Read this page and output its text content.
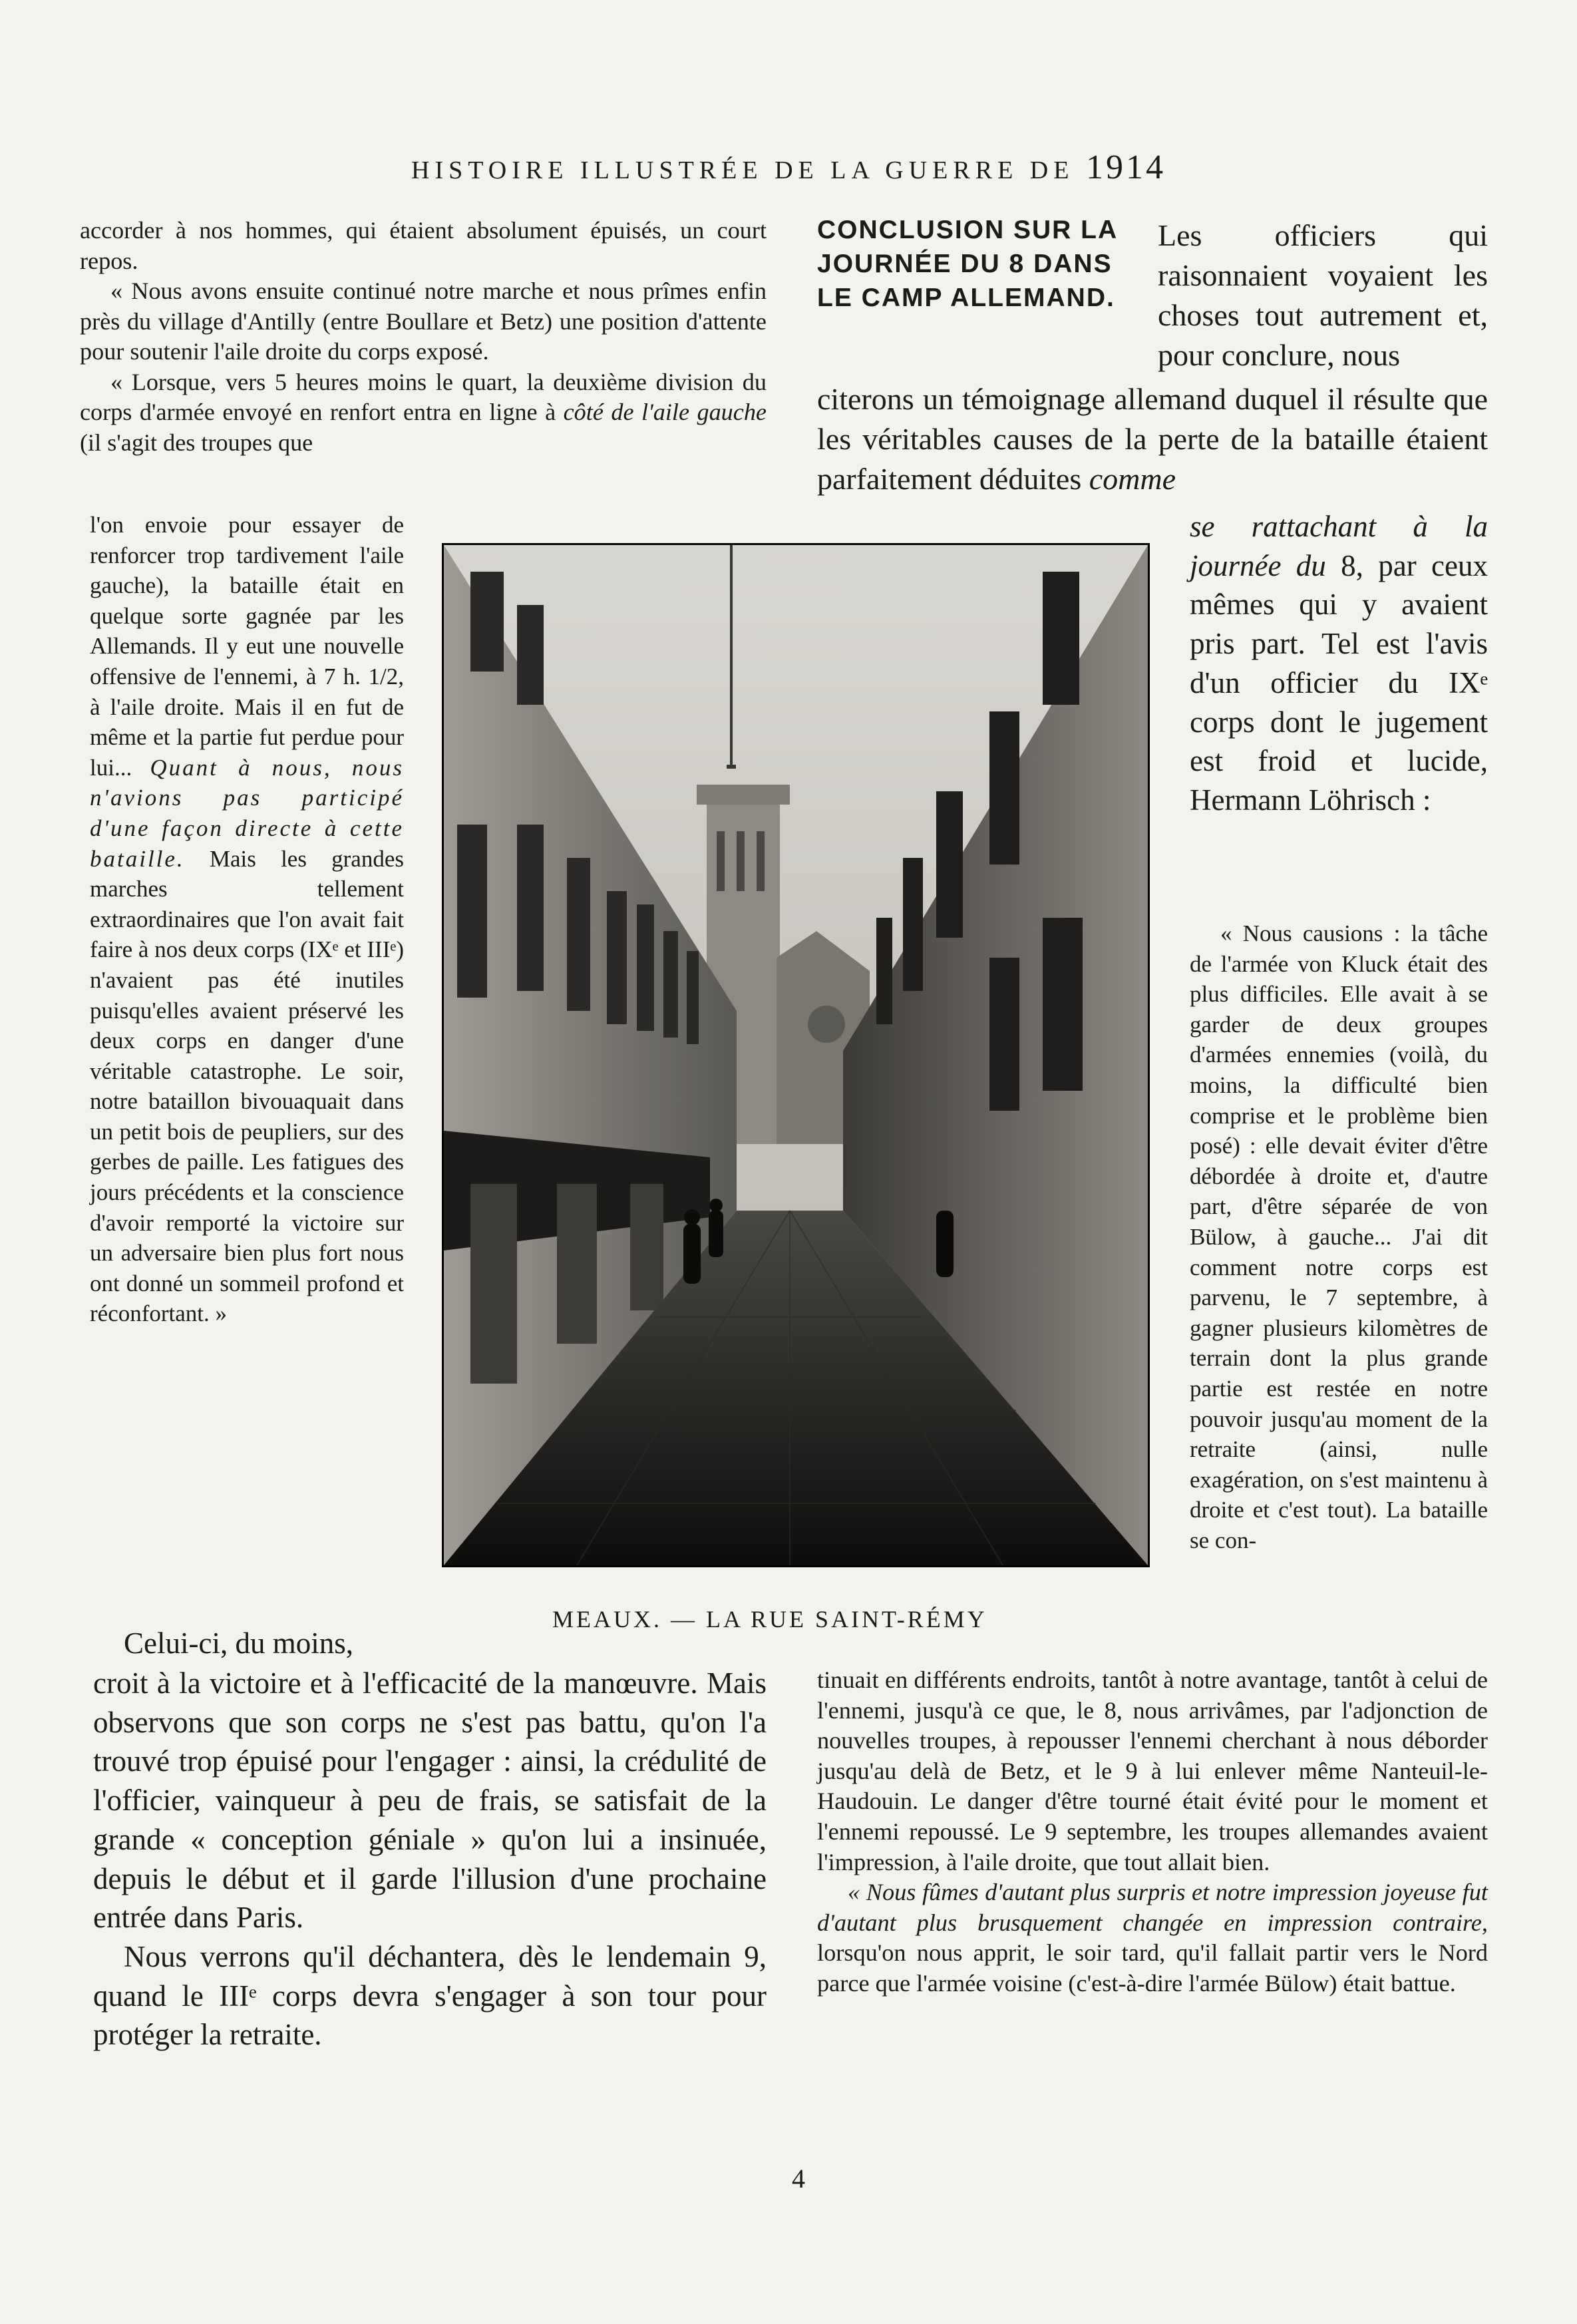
HISTOIRE ILLUSTRÉE DE LA GUERRE DE 1914

accorder à nos hommes, qui étaient absolument épuisés, un court repos.

« Nous avons ensuite continué notre marche et nous prîmes enfin près du village d'Antilly (entre Boullare et Betz) une position d'attente pour soutenir l'aile droite du corps exposé.

« Lorsque, vers 5 heures moins le quart, la deuxième division du corps d'armée envoyé en renfort entra en ligne à côté de l'aile gauche (il s'agit des troupes que

l'on envoie pour essayer de renforcer trop tardivement l'aile gauche), la bataille était en quelque sorte gagnée par les Allemands. Il y eut une nouvelle offensive de l'ennemi, à 7 h. 1/2, à l'aile droite. Mais il en fut de même et la partie fut perdue pour lui... Quant à nous, nous n'avions pas participé d'une façon directe à cette bataille. Mais les grandes marches tellement extraordinaires que l'on avait fait faire à nos deux corps (IXᵉ et IIIᵉ) n'avaient pas été inutiles puisqu'elles avaient préservé les deux corps en danger d'une véritable catastrophe. Le soir, notre bataillon bivouaquait dans un petit bois de peupliers, sur des gerbes de paille. Les fatigues des jours précédents et la conscience d'avoir remporté la victoire sur un adversaire bien plus fort nous ont donné un sommeil profond et réconfortant. »

CONCLUSION SUR LA JOURNÉE DU 8 DANS LE CAMP ALLEMAND.
Les officiers qui raisonnaient voyaient les choses tout autrement et, pour conclure, nous
citerons un témoignage allemand duquel il résulte que les véritables causes de la perte de la bataille étaient parfaitement déduites comme
se rattachant à la journée du 8, par ceux mêmes qui y avaient pris part. Tel est l'avis d'un officier du IXᵉ corps dont le jugement est froid et lucide, Hermann Löhrisch :

« Nous causions : la tâche de l'armée von Kluck était des plus difficiles. Elle avait à se garder de deux groupes d'armées ennemies (voilà, du moins, la difficulté bien comprise et le problème bien posé) : elle devait éviter d'être débordée à droite et, d'autre part, d'être séparée de von Bülow, à gauche... J'ai dit comment notre corps est parvenu, le 7 septembre, à gagner plusieurs kilomètres de terrain dont la plus grande partie est restée en notre pouvoir jusqu'au moment de la retraite (ainsi, nulle exagération, on s'est maintenu à droite et c'est tout). La bataille se con-

MEAUX. — LA RUE SAINT-RÉMY

tinuait en différents endroits, tantôt à notre avantage, tantôt à celui de l'ennemi, jusqu'à ce que, le 8, nous arrivâmes, par l'adjonction de nouvelles troupes, à repousser l'ennemi cherchant à nous déborder jusqu'au delà de Betz, et le 9 à lui enlever même Nanteuil-le-Haudouin. Le danger d'être tourné était évité pour le moment et l'ennemi repoussé. Le 9 septembre, les troupes allemandes avaient l'impression, à l'aile droite, que tout allait bien.

« Nous fûmes d'autant plus surpris et notre impression joyeuse fut d'autant plus brusquement changée en impression contraire, lorsqu'on nous apprit, le soir tard, qu'il fallait partir vers le Nord parce que l'armée voisine (c'est-à-dire l'armée Bülow) était battue.

Celui-ci, du moins,

croit à la victoire et à l'efficacité de la manœuvre. Mais observons que son corps ne s'est pas battu, qu'on l'a trouvé trop épuisé pour l'engager : ainsi, la crédulité de l'officier, vainqueur à peu de frais, se satisfait de la grande « conception géniale » qu'on lui a insinuée, depuis le début et il garde l'illusion d'une prochaine entrée dans Paris.

Nous verrons qu'il déchantera, dès le lendemain 9, quand le IIIᵉ corps devra s'engager à son tour pour protéger la retraite.

4
